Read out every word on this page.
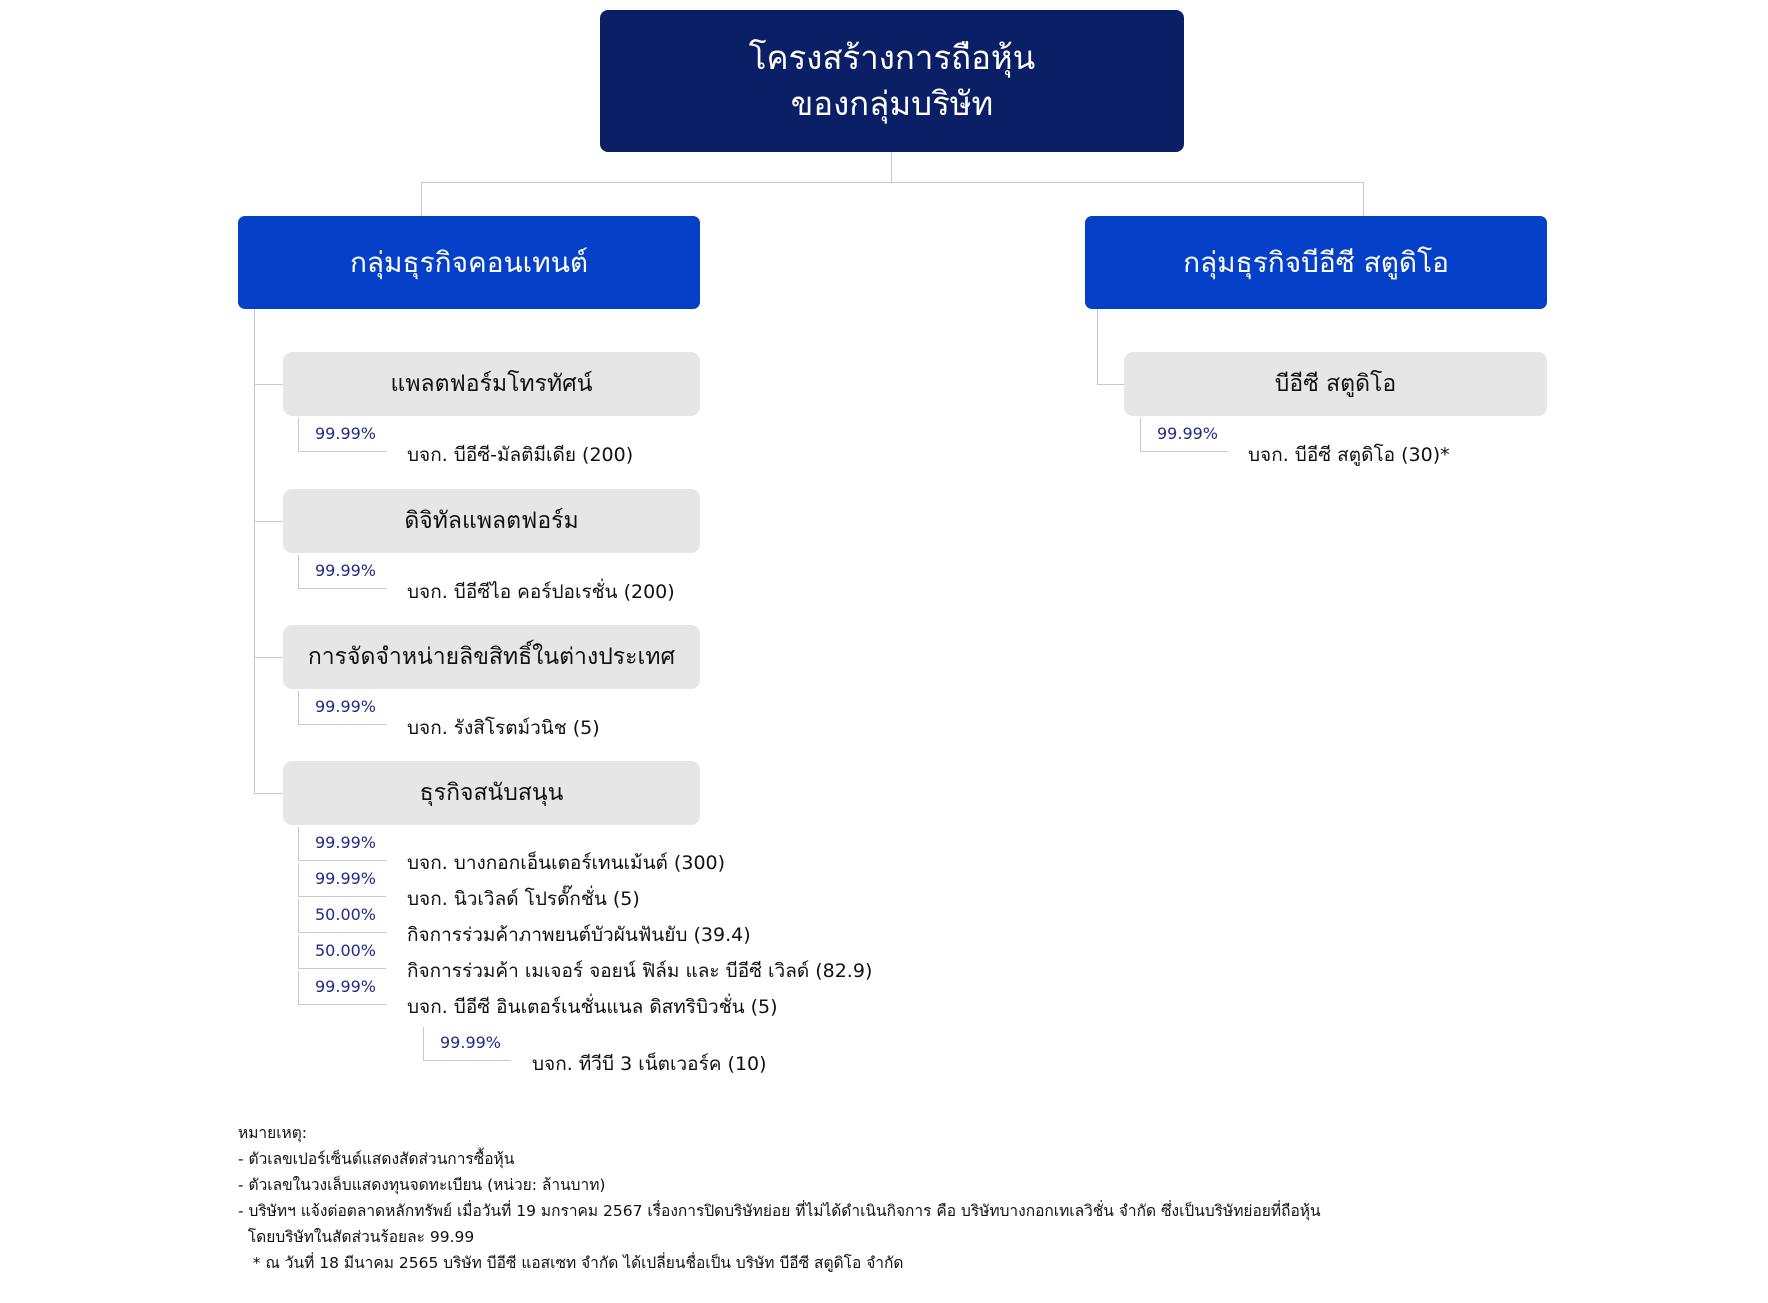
โครงสร้างการถือหุ้น
ของกลุ่มบริษัท
กลุ่มธุรกิจคอนเทนต์	กลุ่มธุรกิจบีอีซี สตูดิโอ
แพลตฟอร์มโทรทัศน์
99.99%
บจก. บีอีซี-มัลติมีเดีย (200)
ดิจิทัลแพลตฟอร์ม
99.99%
บจก. บีอีซีไอ คอร์ปอเรชั่น (200)
การจัดจำหน่ายลิขสิทธิ์ในต่างประเทศ
99.99%
บจก. รังสิโรตม์วนิช (5)
ธุรกิจสนับสนุน
99.99%
บจก. บางกอกเอ็นเตอร์เทนเม้นต์ (300)
99.99%
บจก. นิวเวิลด์ โปรดั๊กชั่น (5)
50.00%
กิจการร่วมค้าภาพยนต์บัวผันฟันยับ (39.4)
50.00%
กิจการร่วมค้า เมเจอร์ จอยน์ ฟิล์ม และ บีอีซี เวิลด์ (82.9)
99.99%
บจก. บีอีซี อินเตอร์เนชั่นแนล ดิสทริบิวชั่น (5)
99.99%
บจก. ทีวีบี 3 เน็ตเวอร์ค (10)
บีอีซี สตูดิโอ
99.99%
บจก. บีอีซี สตูดิโอ (30)*
หมายเหตุ:
- ตัวเลขเปอร์เซ็นต์แสดงสัดส่วนการซื้อหุ้น
- ตัวเลขในวงเล็บแสดงทุนจดทะเบียน (หน่วย: ล้านบาท)
- บริษัทฯ แจ้งต่อตลาดหลักทรัพย์ เมื่อวันที่ 19 มกราคม 2567 เรื่องการปิดบริษัทย่อย ที่ไม่ได้ดำเนินกิจการ คือ บริษัทบางกอกเทเลวิชั่น จำกัด ซึ่งเป็นบริษัทย่อยที่ถือหุ้น
โดยบริษัทในสัดส่วนร้อยละ 99.99
* ณ วันที่ 18 มีนาคม 2565 บริษัท บีอีซี แอสเซท จำกัด ได้เปลี่ยนชื่อเป็น บริษัท บีอีซี สตูดิโอ จำกัด
